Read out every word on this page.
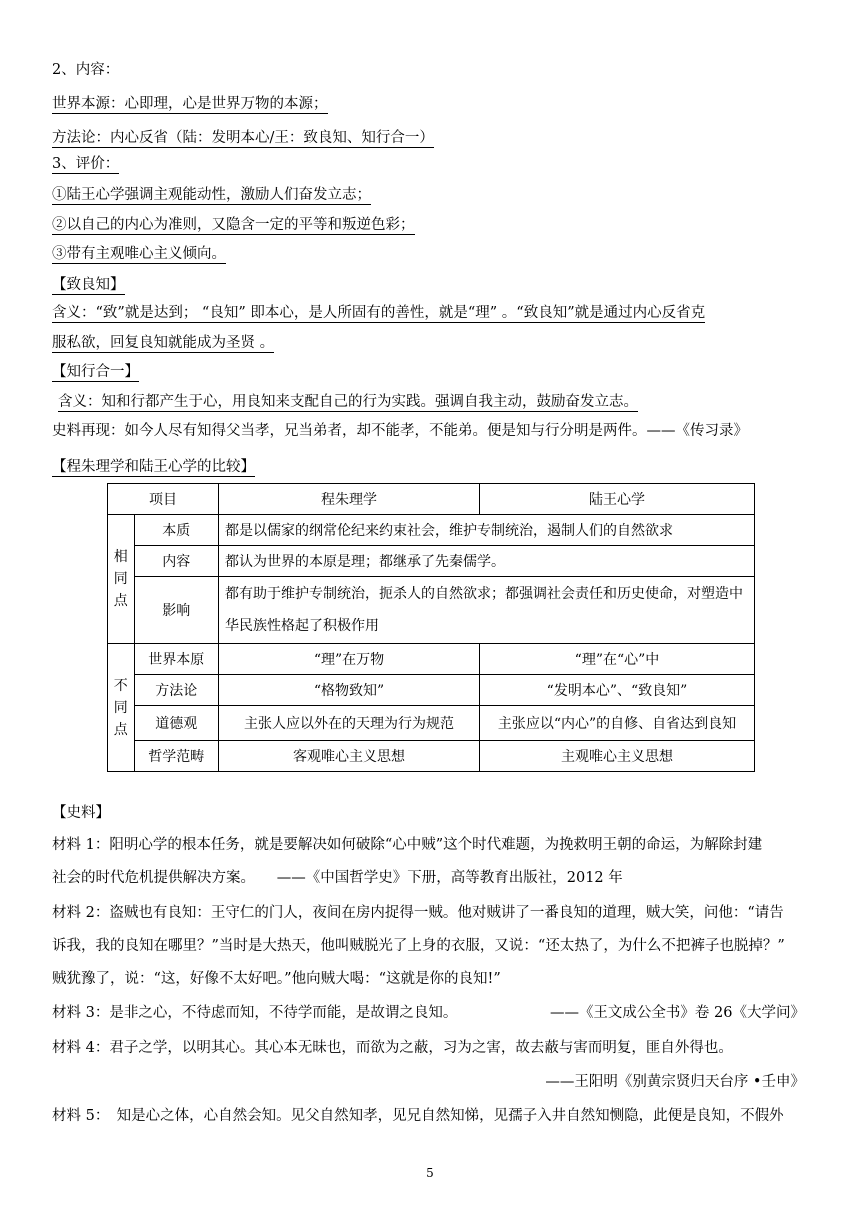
2、内容：
世界本源：心即理，心是世界万物的本源；
方法论：内心反省（陆：发明本心/王：致良知、知行合一）
3、评价：
①陆王心学强调主观能动性，激励人们奋发立志；
②以自己的内心为准则，又隐含一定的平等和叛逆色彩；
③带有主观唯心主义倾向。
【致良知】
含义：“致”就是达到； “良知” 即本心，是人所固有的善性，就是“理” 。“致良知”就是通过内心反省克
服私欲，回复良知就能成为圣贤 。
【知行合一】
含义：知和行都产生于心，用良知来支配自己的行为实践。强调自我主动，鼓励奋发立志。
史料再现：如今人尽有知得父当孝，兄当弟者，却不能孝，不能弟。便是知与行分明是两件。——《传习录》
【程朱理学和陆王心学的比较】
项目		程朱理学	陆王心学
相同点	本质	都是以儒家的纲常伦纪来约束社会，维护专制统治，遏制人们的自然欲求	
	内容	都认为世界的本原是理；都继承了先秦儒学。	
	影响	都有助于维护专制统治，扼杀人的自然欲求；都强调社会责任和历史使命，对塑造中华民族性格起了积极作用	
不同点	世界本原	“理”在万物	“理”在“心”中
	方法论	“格物致知”	“发明本心”、“致良知”
	道德观	主张人应以外在的天理为行为规范	主张应以“内心”的自修、自省达到良知
	哲学范畴	客观唯心主义思想	主观唯心主义思想
【史料】
材料 1：阳明心学的根本任务，就是要解决如何破除“心中贼”这个时代难题，为挽救明王朝的命运，为解除封建
社会的时代危机提供解决方案。　　——《中国哲学史》下册，高等教育出版社，2012 年
材料 2：盗贼也有良知：王守仁的门人，夜间在房内捉得一贼。他对贼讲了一番良知的道理，贼大笑，问他：“请告
诉我，我的良知在哪里？”当时是大热天，他叫贼脱光了上身的衣服，又说：“还太热了，为什么不把裤子也脱掉？”
贼犹豫了，说：“这，好像不太好吧。”他向贼大喝：“这就是你的良知!”
材料 3：是非之心，不待虑而知，不待学而能，是故谓之良知。	——《王文成公全书》卷 26《大学问》
材料 4：君子之学，以明其心。其心本无昧也，而欲为之蔽，习为之害，故去蔽与害而明复，匪自外得也。
——王阳明《别黄宗贤归天台序 •壬申》
材料 5：　知是心之体，心自然会知。见父自然知孝，见兄自然知悌，见孺子入井自然知恻隐，此便是良知，不假外
5
